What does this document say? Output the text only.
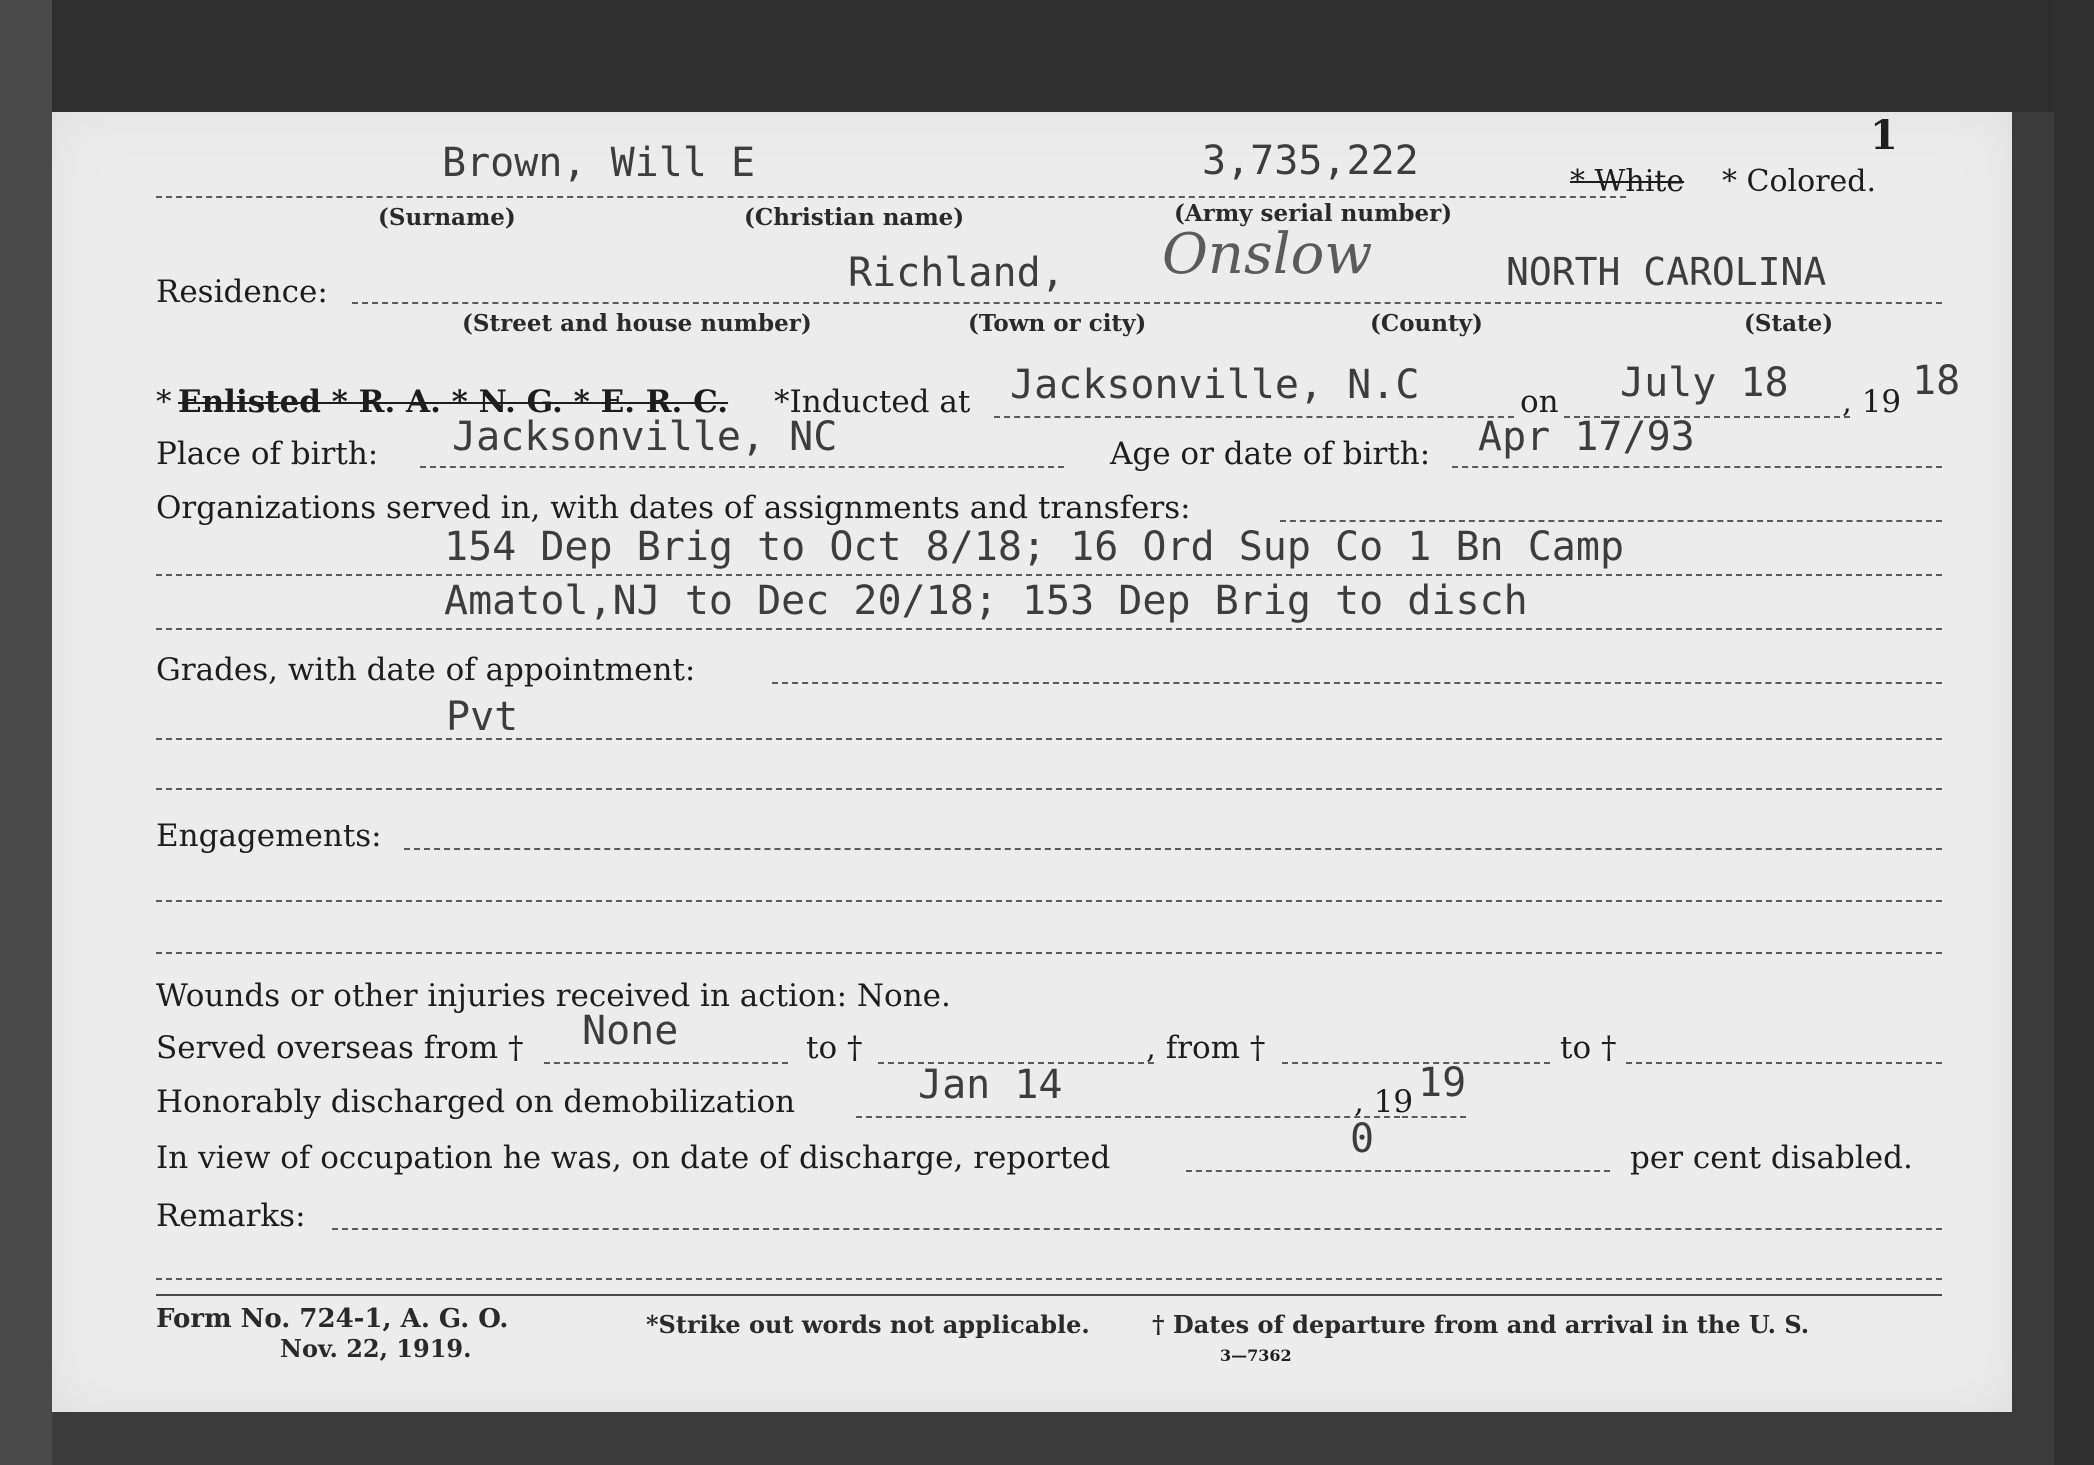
1
Brown, Will E	3,735,222	* White * Colored.
(Surname)	(Christian name)	(Army serial number)
Residence:	Richland, Onslow	NORTH CAROLINA
(Street and house number)	(Town or city)	(County)	(State)
* Enlisted * R. A. * N. G. * E. R. C. *Inducted at Jacksonville, N.C	on July 18 , 19 18
Place of birth: Jacksonville, NC	Age or date of birth: Apr 17/93
Organizations served in, with dates of assignments and transfers:
154 Dep Brig to Oct 8/18; 16 Ord Sup Co 1 Bn Camp
Amatol,NJ to Dec 20/18; 153 Dep Brig to disch
Grades, with date of appointment:
Pvt
Engagements:
Wounds or other injuries received in action: None.
Served overseas from † None	to †	, from †	to †
Honorably discharged on demobilization	Jan 14	, 19 19
In view of occupation he was, on date of discharge, reported	0	per cent disabled.
Remarks:
Form No. 724-1, A. G. O.
Nov. 22, 1919.
*Strike out words not applicable.	† Dates of departure from and arrival in the U. S.
3—7362
